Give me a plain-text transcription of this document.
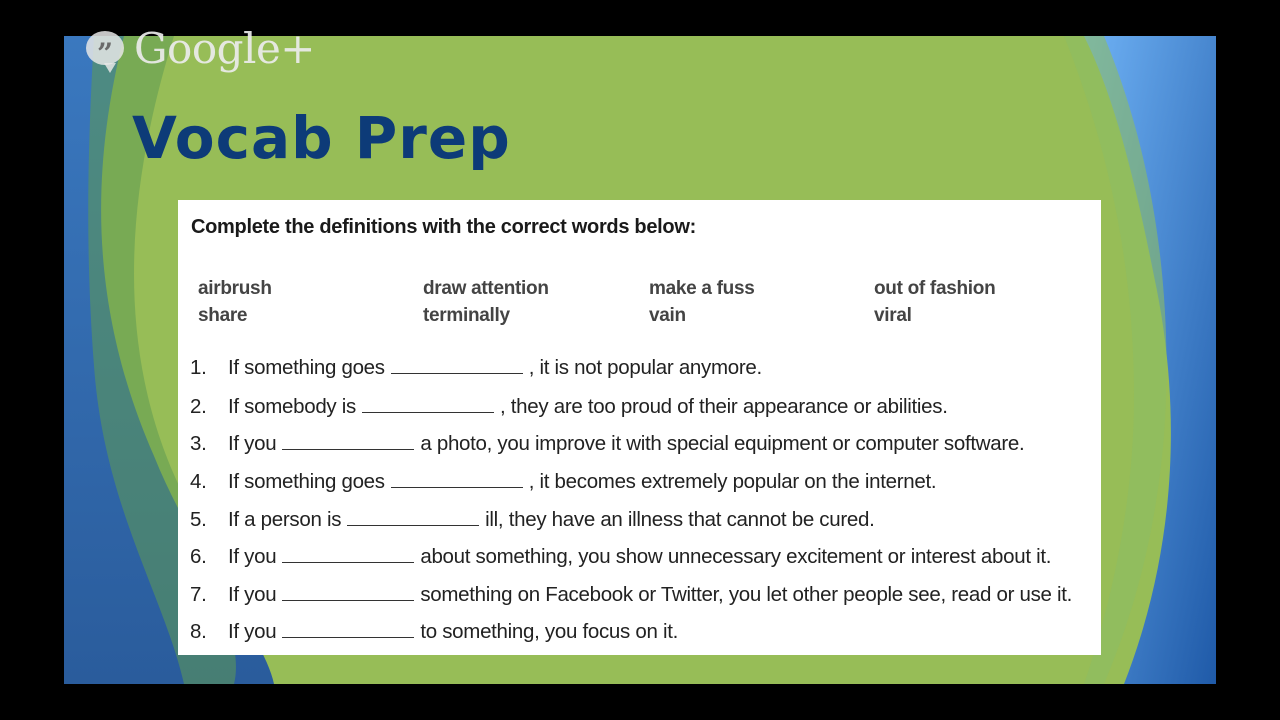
” Google+
Vocab Prep
Complete the definitions with the correct words below:
airbrush	draw attention	make a fuss	out of fashion
share	terminally	vain	viral
1. If something goes	, it is not popular anymore.
2. If somebody is	, they are too proud of their appearance or abilities.
3. If you	a photo, you improve it with special equipment or computer software.
4. If something goes	, it becomes extremely popular on the internet.
5. If a person is	ill, they have an illness that cannot be cured.
6. If you	about something, you show unnecessary excitement or interest about it.
7. If you	something on Facebook or Twitter, you let other people see, read or use it.
8. If you	to something, you focus on it.
